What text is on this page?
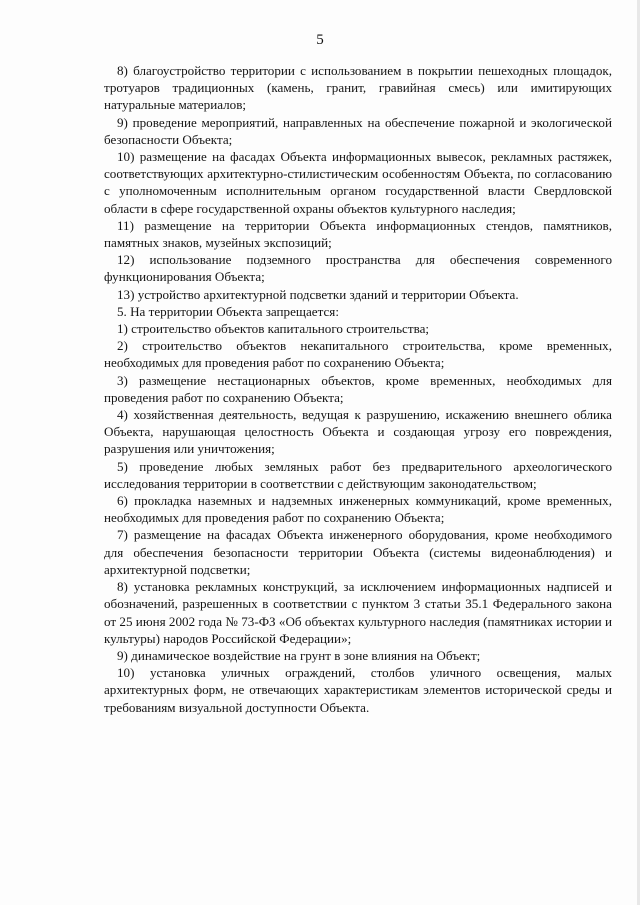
5

8) благоустройство территории с использованием в покрытии пешеходных площадок, тротуаров традиционных (камень, гранит, гравийная смесь) или имитирующих натуральные материалов;

9) проведение мероприятий, направленных на обеспечение пожарной и экологической безопасности Объекта;

10) размещение на фасадах Объекта информационных вывесок, рекламных растяжек, соответствующих архитектурно-стилистическим особенностям Объекта, по согласованию с уполномоченным исполнительным органом государственной власти Свердловской области в сфере государственной охраны объектов культурного наследия;

11) размещение на территории Объекта информационных стендов, памятников, памятных знаков, музейных экспозиций;

12) использование подземного пространства для обеспечения современного функционирования Объекта;

13) устройство архитектурной подсветки зданий и территории Объекта.

5. На территории Объекта запрещается:

1) строительство объектов капитального строительства;

2) строительство объектов некапитального строительства, кроме временных, необходимых для проведения работ по сохранению Объекта;

3) размещение нестационарных объектов, кроме временных, необходимых для проведения работ по сохранению Объекта;

4) хозяйственная деятельность, ведущая к разрушению, искажению внешнего облика Объекта, нарушающая целостность Объекта и создающая угрозу его повреждения, разрушения или уничтожения;

5) проведение любых земляных работ без предварительного археологического исследования территории в соответствии с действующим законодательством;

6) прокладка наземных и надземных инженерных коммуникаций, кроме временных, необходимых для проведения работ по сохранению Объекта;

7) размещение на фасадах Объекта инженерного оборудования, кроме необходимого для обеспечения безопасности территории Объекта (системы видеонаблюдения) и архитектурной подсветки;

8) установка рекламных конструкций, за исключением информационных надписей и обозначений, разрешенных в соответствии с пунктом 3 статьи 35.1 Федерального закона от 25 июня 2002 года № 73-ФЗ «Об объектах культурного наследия (памятниках истории и культуры) народов Российской Федерации»;

9) динамическое воздействие на грунт в зоне влияния на Объект;

10) установка уличных ограждений, столбов уличного освещения, малых архитектурных форм, не отвечающих характеристикам элементов исторической среды и требованиям визуальной доступности Объекта.
